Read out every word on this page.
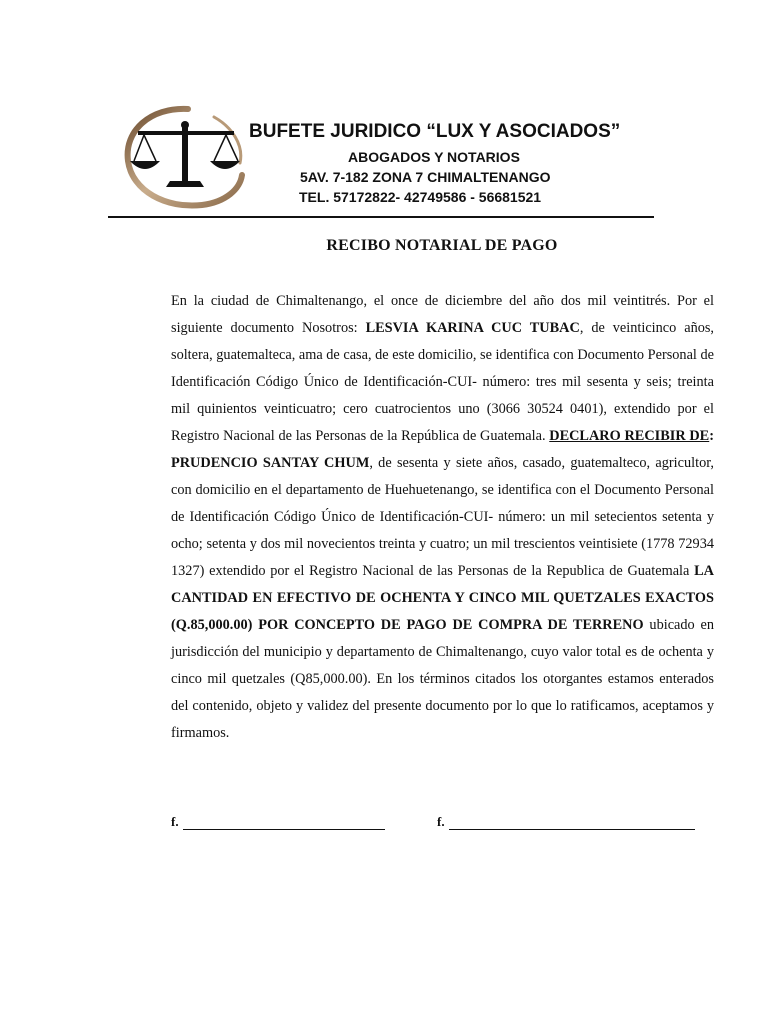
BUFETE JURIDICO “LUX Y ASOCIADOS”
ABOGADOS Y NOTARIOS
5AV. 7-182 ZONA 7 CHIMALTENANGO
TEL. 57172822- 42749586 - 56681521
RECIBO NOTARIAL DE PAGO
En la ciudad de Chimaltenango, el once de diciembre del año dos mil veintitrés. Por el siguiente documento Nosotros: LESVIA KARINA CUC TUBAC, de veinticinco años, soltera, guatemalteca, ama de casa, de este domicilio, se identifica con Documento Personal de Identificación Código Único de Identificación-CUI- número: tres mil sesenta y seis; treinta mil quinientos veinticuatro; cero cuatrocientos uno (3066 30524 0401), extendido por el Registro Nacional de las Personas de la República de Guatemala. DECLARO RECIBIR DE: PRUDENCIO SANTAY CHUM, de sesenta y siete años, casado, guatemalteco, agricultor, con domicilio en el departamento de Huehuetenango, se identifica con el Documento Personal de Identificación Código Único de Identificación-CUI- número: un mil setecientos setenta y ocho; setenta y dos mil novecientos treinta y cuatro; un mil trescientos veintisiete (1778 72934 1327) extendido por el Registro Nacional de las Personas de la Republica de Guatemala LA CANTIDAD EN EFECTIVO DE OCHENTA Y CINCO MIL QUETZALES EXACTOS (Q.85,000.00) POR CONCEPTO DE PAGO DE COMPRA DE TERRENO ubicado en jurisdicción del municipio y departamento de Chimaltenango, cuyo valor total es de ochenta y cinco mil quetzales (Q85,000.00). En los términos citados los otorgantes estamos enterados del contenido, objeto y validez del presente documento por lo que lo ratificamos, aceptamos y firmamos.
f.	f.
